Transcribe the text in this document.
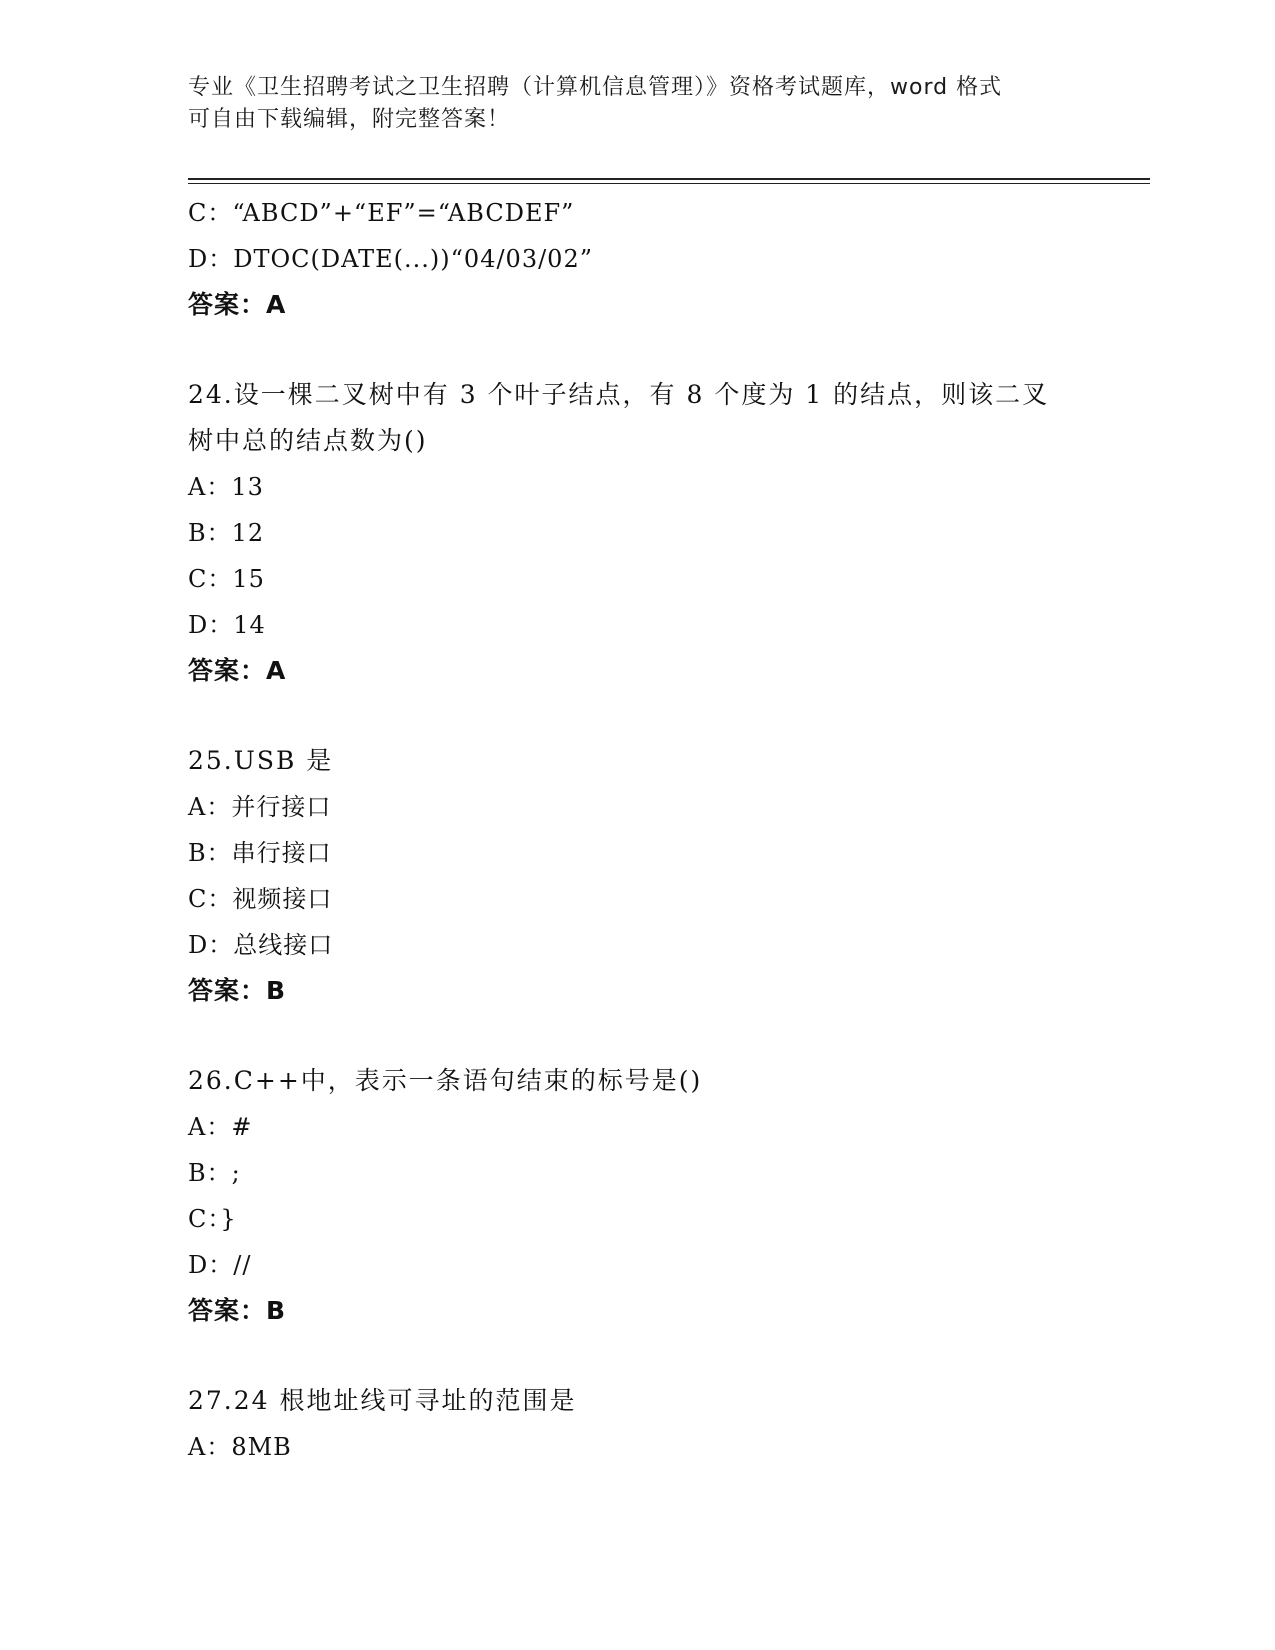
专业《卫生招聘考试之卫生招聘（计算机信息管理）》资格考试题库，word 格式
可自由下载编辑，附完整答案！
C：“ABCD”+“EF”=“ABCDEF”
D：DTOC(DATE(...))“04/03/02”
答案：A
24.设一棵二叉树中有 3 个叶子结点，有 8 个度为 1 的结点，则该二叉
树中总的结点数为()
A：13
B：12
C：15
D：14
答案：A
25.USB 是
A：并行接口
B：串行接口
C：视频接口
D：总线接口
答案：B
26.C++中，表示一条语句结束的标号是()
A：#
B：;
C：}
D：//
答案：B
27.24 根地址线可寻址的范围是
A：8MB
